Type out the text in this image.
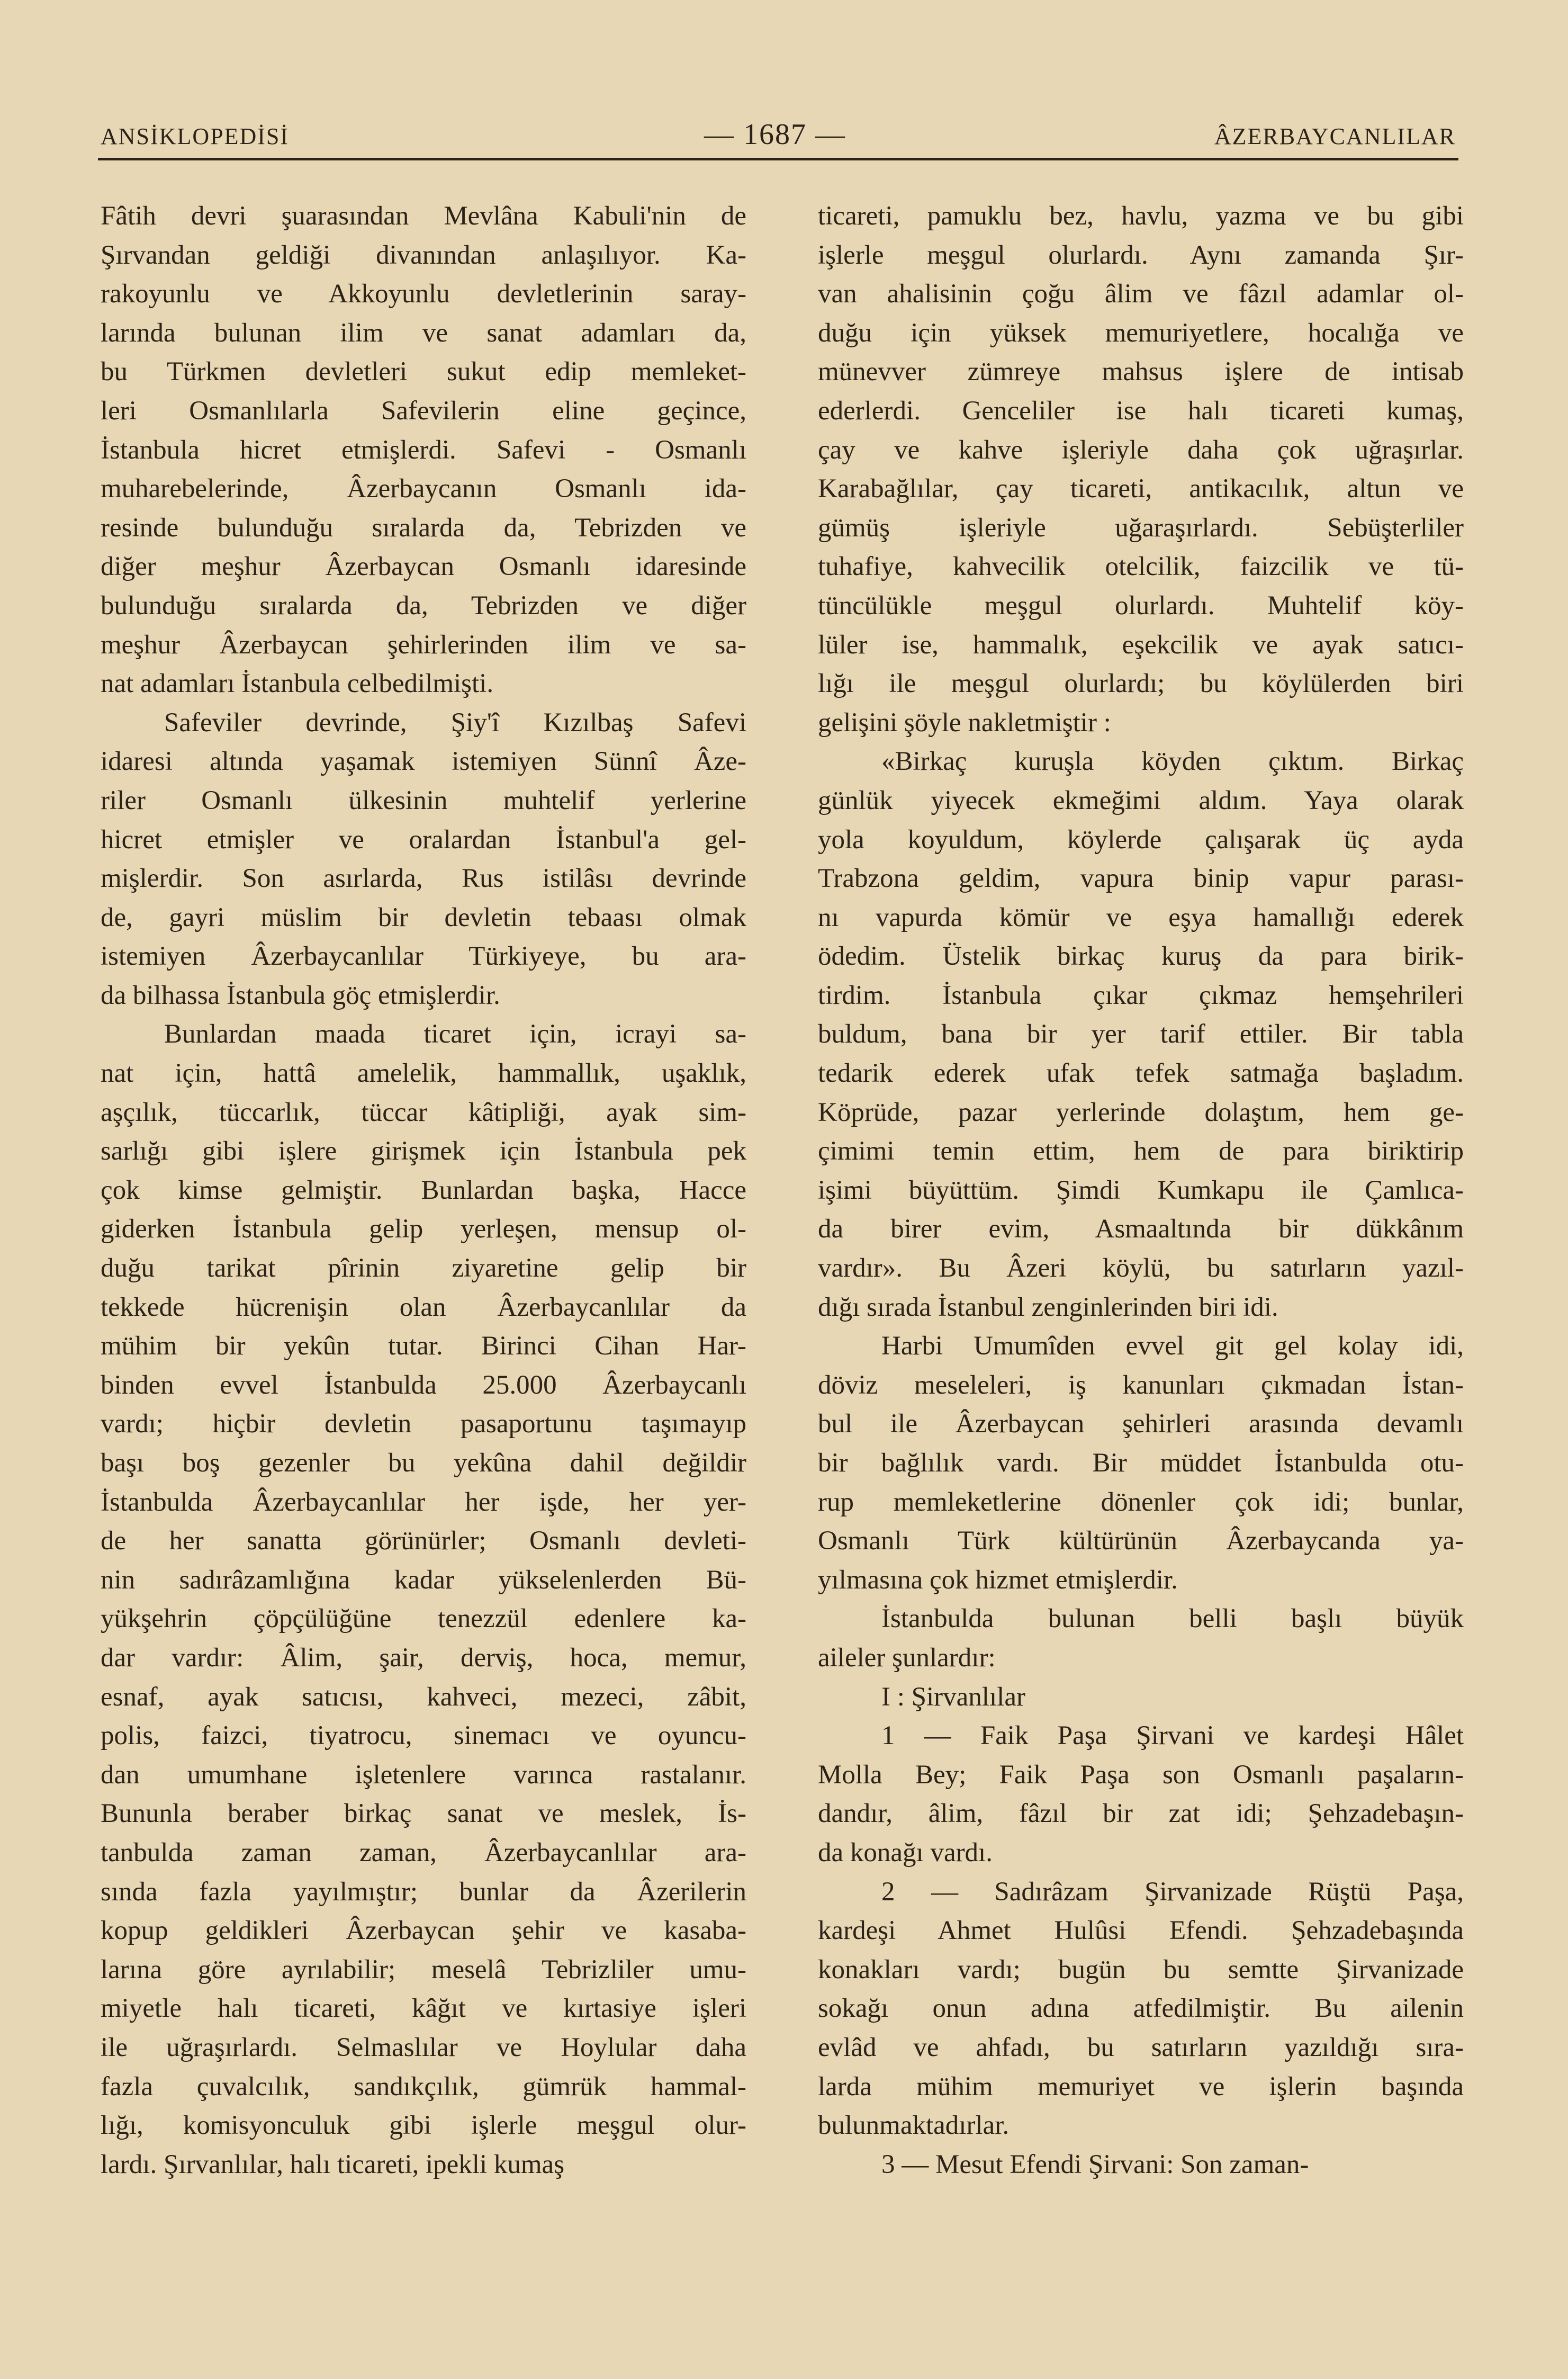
ANSİKLOPEDİSİ	— 1687 —	ÂZERBAYCANLILAR

Fâtih devri şuarasından Mevlâna Kabuli'nin de
Şırvandan geldiği divanından anlaşılıyor. Ka-
rakoyunlu ve Akkoyunlu devletlerinin saray-
larında bulunan ilim ve sanat adamları da,
bu Türkmen devletleri sukut edip memleket-
leri Osmanlılarla Safevilerin eline geçince,
İstanbula hicret etmişlerdi. Safevi - Osmanlı
muharebelerinde, Âzerbaycanın Osmanlı ida-
resinde bulunduğu sıralarda da, Tebrizden ve
diğer meşhur Âzerbaycan Osmanlı idaresinde
bulunduğu sıralarda da, Tebrizden ve diğer
meşhur Âzerbaycan şehirlerinden ilim ve sa-
nat adamları İstanbula celbedilmişti.

Safeviler devrinde, Şiy'î Kızılbaş Safevi
idaresi altında yaşamak istemiyen Sünnî Âze-
riler Osmanlı ülkesinin muhtelif yerlerine
hicret etmişler ve oralardan İstanbul'a gel-
mişlerdir. Son asırlarda, Rus istilâsı devrinde
de, gayri müslim bir devletin tebaası olmak
istemiyen Âzerbaycanlılar Türkiyeye, bu ara-
da bilhassa İstanbula göç etmişlerdir.

Bunlardan maada ticaret için, icrayi sa-
nat için, hattâ amelelik, hammallık, uşaklık,
aşçılık, tüccarlık, tüccar kâtipliği, ayak sim-
sarlığı gibi işlere girişmek için İstanbula pek
çok kimse gelmiştir. Bunlardan başka, Hacce
giderken İstanbula gelip yerleşen, mensup ol-
duğu tarikat pîrinin ziyaretine gelip bir
tekkede hücrenişin olan Âzerbaycanlılar da
mühim bir yekûn tutar. Birinci Cihan Har-
binden evvel İstanbulda 25.000 Âzerbaycanlı
vardı; hiçbir devletin pasaportunu taşımayıp
başı boş gezenler bu yekûna dahil değildir
İstanbulda Âzerbaycanlılar her işde, her yer-
de her sanatta görünürler; Osmanlı devleti-
nin sadırâzamlığına kadar yükselenlerden Bü-
yükşehrin çöpçülüğüne tenezzül edenlere ka-
dar vardır: Âlim, şair, derviş, hoca, memur,
esnaf, ayak satıcısı, kahveci, mezeci, zâbit,
polis, faizci, tiyatrocu, sinemacı ve oyuncu-
dan umumhane işletenlere varınca rastalanır.
Bununla beraber birkaç sanat ve meslek, İs-
tanbulda zaman zaman, Âzerbaycanlılar ara-
sında fazla yayılmıştır; bunlar da Âzerilerin
kopup geldikleri Âzerbaycan şehir ve kasaba-
larına göre ayrılabilir; meselâ Tebrizliler umu-
miyetle halı ticareti, kâğıt ve kırtasiye işleri
ile uğraşırlardı. Selmaslılar ve Hoylular daha
fazla çuvalcılık, sandıkçılık, gümrük hammal-
lığı, komisyonculuk gibi işlerle meşgul olur-
lardı. Şırvanlılar, halı ticareti, ipekli kumaş

ticareti, pamuklu bez, havlu, yazma ve bu gibi
işlerle meşgul olurlardı. Aynı zamanda Şır-
van ahalisinin çoğu âlim ve fâzıl adamlar ol-
duğu için yüksek memuriyetlere, hocalığa ve
münevver zümreye mahsus işlere de intisab
ederlerdi. Genceliler ise halı ticareti kumaş,
çay ve kahve işleriyle daha çok uğraşırlar.
Karabağlılar, çay ticareti, antikacılık, altun ve
gümüş işleriyle uğaraşırlardı. Sebüşterliler
tuhafiye, kahvecilik otelcilik, faizcilik ve tü-
tüncülükle meşgul olurlardı. Muhtelif köy-
lüler ise, hammalık, eşekcilik ve ayak satıcı-
lığı ile meşgul olurlardı; bu köylülerden biri
gelişini şöyle nakletmiştir :

«Birkaç kuruşla köyden çıktım. Birkaç
günlük yiyecek ekmeğimi aldım. Yaya olarak
yola koyuldum, köylerde çalışarak üç ayda
Trabzona geldim, vapura binip vapur parası-
nı vapurda kömür ve eşya hamallığı ederek
ödedim. Üstelik birkaç kuruş da para birik-
tirdim. İstanbula çıkar çıkmaz hemşehrileri
buldum, bana bir yer tarif ettiler. Bir tabla
tedarik ederek ufak tefek satmağa başladım.
Köprüde, pazar yerlerinde dolaştım, hem ge-
çimimi temin ettim, hem de para biriktirip
işimi büyüttüm. Şimdi Kumkapu ile Çamlıca-
da birer evim, Asmaaltında bir dükkânım
vardır». Bu Âzeri köylü, bu satırların yazıl-
dığı sırada İstanbul zenginlerinden biri idi.

Harbi Umumîden evvel git gel kolay idi,
döviz meseleleri, iş kanunları çıkmadan İstan-
bul ile Âzerbaycan şehirleri arasında devamlı
bir bağlılık vardı. Bir müddet İstanbulda otu-
rup memleketlerine dönenler çok idi; bunlar,
Osmanlı Türk kültürünün Âzerbaycanda ya-
yılmasına çok hizmet etmişlerdir.

İstanbulda bulunan belli başlı büyük
aileler şunlardır:

I : Şirvanlılar

1 — Faik Paşa Şirvani ve kardeşi Hâlet
Molla Bey; Faik Paşa son Osmanlı paşaların-
dandır, âlim, fâzıl bir zat idi; Şehzadebaşın-
da konağı vardı.

2 — Sadırâzam Şirvanizade Rüştü Paşa,
kardeşi Ahmet Hulûsi Efendi. Şehzadebaşında
konakları vardı; bugün bu semtte Şirvanizade
sokağı onun adına atfedilmiştir. Bu ailenin
evlâd ve ahfadı, bu satırların yazıldığı sıra-
larda mühim memuriyet ve işlerin başında
bulunmaktadırlar.

3 — Mesut Efendi Şirvani: Son zaman-
